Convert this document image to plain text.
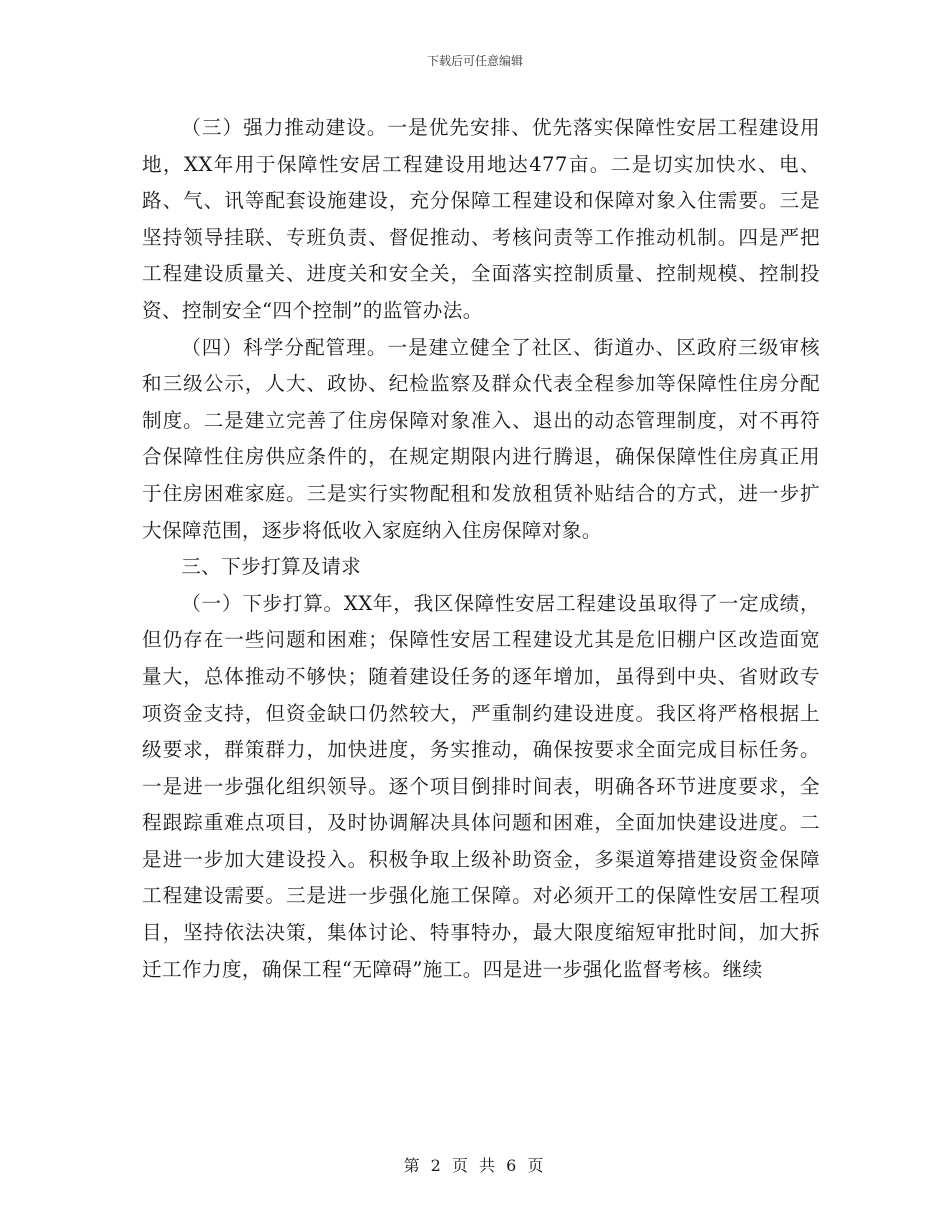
下载后可任意编辑

（三）强力推动建设。一是优先安排、优先落实保障性安居工程建设用地，XX年用于保障性安居工程建设用地达477亩。二是切实加快水、电、路、气、讯等配套设施建设，充分保障工程建设和保障对象入住需要。三是坚持领导挂联、专班负责、督促推动、考核问责等工作推动机制。四是严把工程建设质量关、进度关和安全关，全面落实控制质量、控制规模、控制投资、控制安全“四个控制”的监管办法。

（四）科学分配管理。一是建立健全了社区、街道办、区政府三级审核和三级公示，人大、政协、纪检监察及群众代表全程参加等保障性住房分配制度。二是建立完善了住房保障对象准入、退出的动态管理制度，对不再符合保障性住房供应条件的，在规定期限内进行腾退，确保保障性住房真正用于住房困难家庭。三是实行实物配租和发放租赁补贴结合的方式，进一步扩大保障范围，逐步将低收入家庭纳入住房保障对象。

三、下步打算及请求

（一）下步打算。XX年，我区保障性安居工程建设虽取得了一定成绩，但仍存在一些问题和困难；保障性安居工程建设尤其是危旧棚户区改造面宽量大，总体推动不够快；随着建设任务的逐年增加，虽得到中央、省财政专项资金支持，但资金缺口仍然较大，严重制约建设进度。我区将严格根据上级要求，群策群力，加快进度，务实推动，确保按要求全面完成目标任务。一是进一步强化组织领导。逐个项目倒排时间表，明确各环节进度要求，全程跟踪重难点项目，及时协调解决具体问题和困难，全面加快建设进度。二是进一步加大建设投入。积极争取上级补助资金，多渠道筹措建设资金保障工程建设需要。三是进一步强化施工保障。对必须开工的保障性安居工程项目，坚持依法决策，集体讨论、特事特办，最大限度缩短审批时间，加大拆迁工作力度，确保工程“无障碍”施工。四是进一步强化监督考核。继续

第 2 页 共 6 页
